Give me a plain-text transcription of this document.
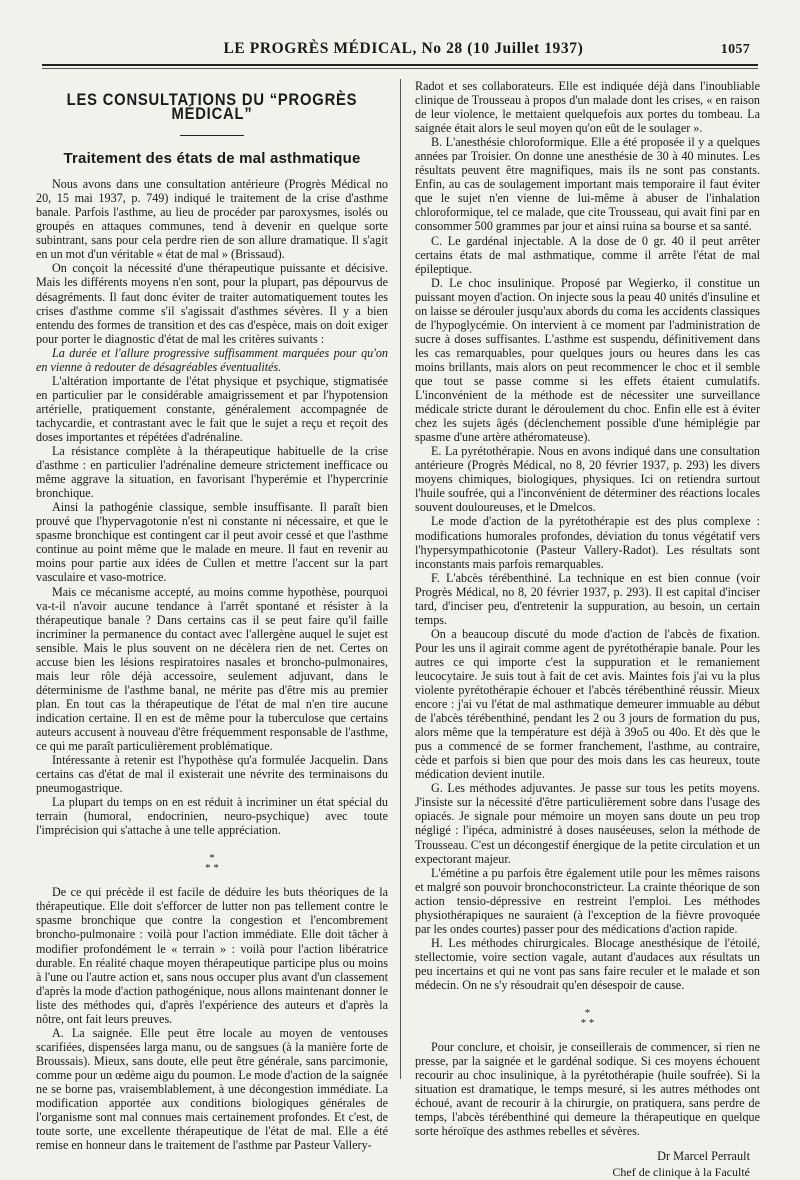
LE PROGRÈS MÉDICAL, No 28 (10 Juillet 1937)	1057
LES CONSULTATIONS DU “PROGRÈS MÉDICAL”
Traitement des états de mal asthmatique

Nous avons dans une consultation antérieure (Progrès Médical no 20, 15 mai 1937, p. 749) indiqué le traitement de la crise d'asthme banale. Parfois l'asthme, au lieu de procéder par paroxysmes, isolés ou groupés en attaques communes, tend à devenir en quelque sorte subintrant, sans pour cela perdre rien de son allure dramatique. Il s'agit en un mot d'un véritable « état de mal » (Brissaud).

On conçoit la nécessité d'une thérapeutique puissante et décisive. Mais les différents moyens n'en sont, pour la plupart, pas dépourvus de désagréments. Il faut donc éviter de traiter automatiquement toutes les crises d'asthme comme s'il s'agissait d'asthmes sévères. Il y a bien entendu des formes de transition et des cas d'espèce, mais on doit exiger pour porter le diagnostic d'état de mal les critères suivants :

La durée et l'allure progressive suffisamment marquées pour qu'on en vienne à redouter de désagréables éventualités.

L'altération importante de l'état physique et psychique, stigmatisée en particulier par le considérable amaigrissement et par l'hypotension artérielle, pratiquement constante, généralement accompagnée de tachycardie, et contrastant avec le fait que le sujet a reçu et reçoit des doses importantes et répétées d'adrénaline.

La résistance complète à la thérapeutique habituelle de la crise d'asthme : en particulier l'adrénaline demeure strictement inefficace ou même aggrave la situation, en favorisant l'hyperémie et l'hypercrinie bronchique.

Ainsi la pathogénie classique, semble insuffisante. Il paraît bien prouvé que l'hypervagotonie n'est ni constante ni nécessaire, et que le spasme bronchique est contingent car il peut avoir cessé et que l'asthme continue au point même que le malade en meure. Il faut en revenir au moins pour partie aux idées de Cullen et mettre l'accent sur la part vasculaire et vaso-motrice.

Mais ce mécanisme accepté, au moins comme hypothèse, pourquoi va-t-il n'avoir aucune tendance à l'arrêt spontané et résister à la thérapeutique banale ? Dans certains cas il se peut faire qu'il faille incriminer la permanence du contact avec l'allergène auquel le sujet est sensible. Mais le plus souvent on ne décèlera rien de net. Certes on accuse bien les lésions respiratoires nasales et broncho-pulmonaires, mais leur rôle déjà accessoire, seulement adjuvant, dans le déterminisme de l'asthme banal, ne mérite pas d'être mis au premier plan. En tout cas la thérapeutique de l'état de mal n'en tire aucune indication certaine. Il en est de même pour la tuberculose que certains auteurs accusent à nouveau d'être fréquemment responsable de l'asthme, ce qui me paraît particulièrement problématique.

Intéressante à retenir est l'hypothèse qu'a formulée Jacquelin. Dans certains cas d'état de mal il existerait une névrite des terminaisons du pneumogastrique.

La plupart du temps on en est réduit à incriminer un état spécial du terrain (humoral, endocrinien, neuro-psychique) avec toute l'imprécision qui s'attache à une telle appréciation.

*
* *

De ce qui précède il est facile de déduire les buts théoriques de la thérapeutique. Elle doit s'efforcer de lutter non pas tellement contre le spasme bronchique que contre la congestion et l'encombrement broncho-pulmonaire : voilà pour l'action immédiate. Elle doit tâcher à modifier profondément le « terrain » : voilà pour l'action libératrice durable. En réalité chaque moyen thérapeutique participe plus ou moins à l'une ou l'autre action et, sans nous occuper plus avant d'un classement d'après la mode d'action pathogénique, nous allons maintenant donner le liste des méthodes qui, d'après l'expérience des auteurs et d'après la nôtre, ont fait leurs preuves.

A. La saignée. Elle peut être locale au moyen de ventouses scarifiées, dispensées larga manu, ou de sangsues (à la manière forte de Broussais). Mieux, sans doute, elle peut être générale, sans parcimonie, comme pour un œdème aigu du poumon. Le mode d'action de la saignée ne se borne pas, vraisemblablement, à une décongestion immédiate. La modification apportée aux conditions biologiques générales de l'organisme sont mal connues mais certainement profondes. Et c'est, de toute sorte, une excellente thérapeutique de l'état de mal. Elle a été remise en honneur dans le traitement de l'asthme par Pasteur Vallery-

Radot et ses collaborateurs. Elle est indiquée déjà dans l'inoubliable clinique de Trousseau à propos d'un malade dont les crises, « en raison de leur violence, le mettaient quelquefois aux portes du tombeau. La saignée était alors le seul moyen qu'on eût de le soulager ».

B. L'anesthésie chloroformique. Elle a été proposée il y a quelques années par Troisier. On donne une anesthésie de 30 à 40 minutes. Les résultats peuvent être magnifiques, mais ils ne sont pas constants. Enfin, au cas de soulagement important mais temporaire il faut éviter que le sujet n'en vienne de lui-même à abuser de l'inhalation chloroformique, tel ce malade, que cite Trousseau, qui avait fini par en consommer 500 grammes par jour et ainsi ruina sa bourse et sa santé.

C. Le gardénal injectable. A la dose de 0 gr. 40 il peut arrêter certains états de mal asthmatique, comme il arrête l'état de mal épileptique.

D. Le choc insulinique. Proposé par Wegierko, il constitue un puissant moyen d'action. On injecte sous la peau 40 unités d'insuline et on laisse se dérouler jusqu'aux abords du coma les accidents classiques de l'hypoglycémie. On intervient à ce moment par l'administration de sucre à doses suffisantes. L'asthme est suspendu, définitivement dans les cas remarquables, pour quelques jours ou heures dans les cas moins brillants, mais alors on peut recommencer le choc et il semble que tout se passe comme si les effets étaient cumulatifs. L'inconvénient de la méthode est de nécessiter une surveillance médicale stricte durant le déroulement du choc. Enfin elle est à éviter chez les sujets âgés (déclenchement possible d'une hémiplégie par spasme d'une artère athéromateuse).

E. La pyrétothérapie. Nous en avons indiqué dans une consultation antérieure (Progrès Médical, no 8, 20 février 1937, p. 293) les divers moyens chimiques, biologiques, physiques. Ici on retiendra surtout l'huile soufrée, qui a l'inconvénient de déterminer des réactions locales souvent douloureuses, et le Dmelcos.

Le mode d'action de la pyrétothérapie est des plus complexe : modifications humorales profondes, déviation du tonus végétatif vers l'hypersympathicotonie (Pasteur Vallery-Radot). Les résultats sont inconstants mais parfois remarquables.

F. L'abcès térébenthiné. La technique en est bien connue (voir Progrès Médical, no 8, 20 février 1937, p. 293). Il est capital d'inciser tard, d'inciser peu, d'entretenir la suppuration, au besoin, un certain temps.

On a beaucoup discuté du mode d'action de l'abcès de fixation. Pour les uns il agirait comme agent de pyrétothérapie banale. Pour les autres ce qui importe c'est la suppuration et le remaniement leucocytaire. Je suis tout à fait de cet avis. Maintes fois j'ai vu la plus violente pyrétothérapie échouer et l'abcès térébenthiné réussir. Mieux encore : j'ai vu l'état de mal asthmatique demeurer immuable au début de l'abcès térébenthiné, pendant les 2 ou 3 jours de formation du pus, alors même que la température est déjà à 39o5 ou 40o. Et dès que le pus a commencé de se former franchement, l'asthme, au contraire, cède et parfois si bien que pour des mois dans les cas heureux, toute médication devient inutile.

G. Les méthodes adjuvantes. Je passe sur tous les petits moyens. J'insiste sur la nécessité d'être particulièrement sobre dans l'usage des opiacés. Je signale pour mémoire un moyen sans doute un peu trop négligé : l'ipéca, administré à doses nauséeuses, selon la méthode de Trousseau. C'est un décongestif énergique de la petite circulation et un expectorant majeur.

L'émétine a pu parfois être également utile pour les mêmes raisons et malgré son pouvoir bronchoconstricteur. La crainte théorique de son action tensio-dépressive en restreint l'emploi. Les méthodes physiothérapiques ne sauraient (à l'exception de la fièvre provoquée par les ondes courtes) passer pour des médications d'action rapide.

H. Les méthodes chirurgicales. Blocage anesthésique de l'étoilé, stellectomie, voire section vagale, autant d'audaces aux résultats un peu incertains et qui ne vont pas sans faire reculer et le malade et son médecin. On ne s'y résoudrait qu'en désespoir de cause.

*
* *

Pour conclure, et choisir, je conseillerais de commencer, si rien ne presse, par la saignée et le gardénal sodique. Si ces moyens échouent recourir au choc insulinique, à la pyrétothérapie (huile soufrée). Si la situation est dramatique, le temps mesuré, si les autres méthodes ont échoué, avant de recourir à la chirurgie, on pratiquera, sans perdre de temps, l'abcès térébenthiné qui demeure la thérapeutique en quelque sorte héroïque des asthmes rebelles et sévères.

Dr Marcel Perrault
Chef de clinique à la Faculté
